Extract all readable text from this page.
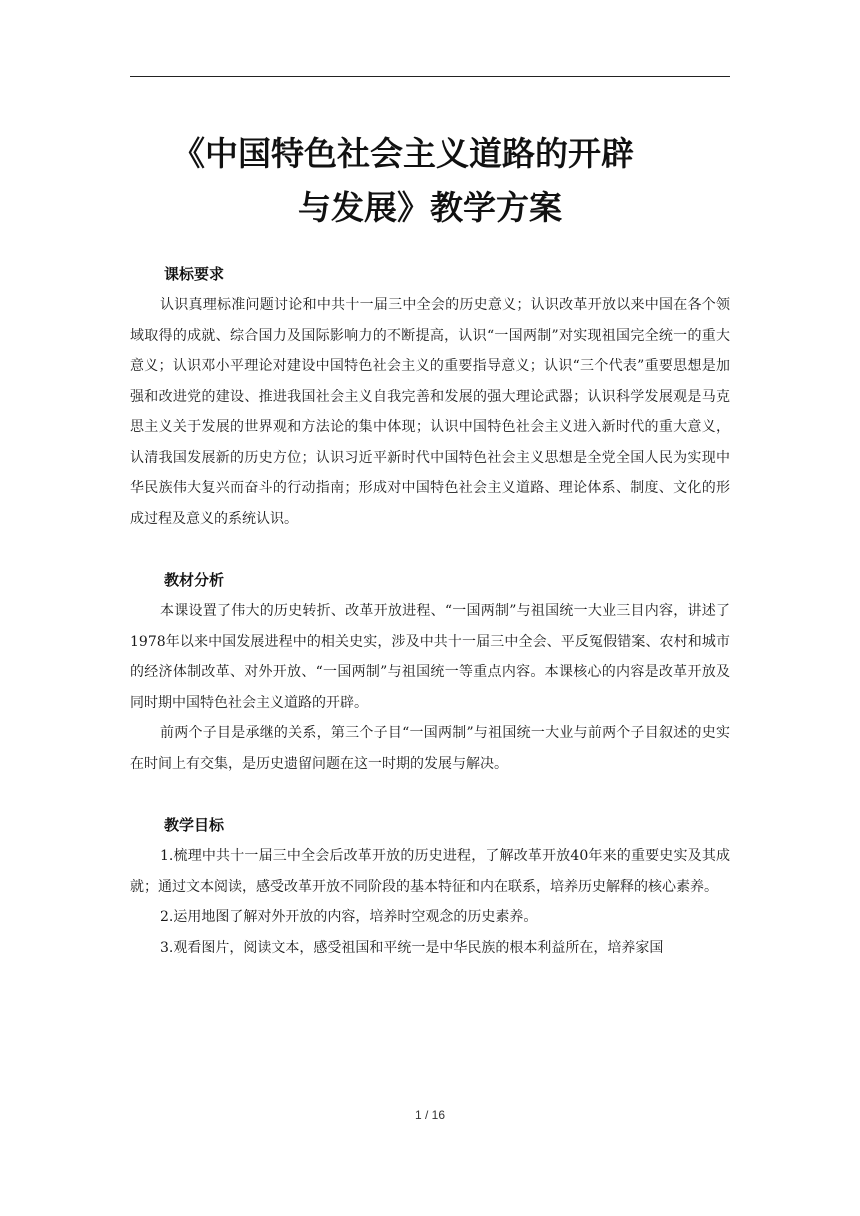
《中国特色社会主义道路的开辟
与发展》教学方案
课标要求

认识真理标准问题讨论和中共十一届三中全会的历史意义；认识改革开放以来中国在各个领域取得的成就、综合国力及国际影响力的不断提高，认识“一国两制”对实现祖国完全统一的重大意义；认识邓小平理论对建设中国特色社会主义的重要指导意义；认识“三个代表”重要思想是加强和改进党的建设、推进我国社会主义自我完善和发展的强大理论武器；认识科学发展观是马克思主义关于发展的世界观和方法论的集中体现；认识中国特色社会主义进入新时代的重大意义，认清我国发展新的历史方位；认识习近平新时代中国特色社会主义思想是全党全国人民为实现中华民族伟大复兴而奋斗的行动指南；形成对中国特色社会主义道路、理论体系、制度、文化的形成过程及意义的系统认识。

教材分析

本课设置了伟大的历史转折、改革开放进程、“一国两制”与祖国统一大业三目内容，讲述了1978年以来中国发展进程中的相关史实，涉及中共十一届三中全会、平反冤假错案、农村和城市的经济体制改革、对外开放、“一国两制”与祖国统一等重点内容。本课核心的内容是改革开放及同时期中国特色社会主义道路的开辟。

前两个子目是承继的关系，第三个子目“一国两制”与祖国统一大业与前两个子目叙述的史实在时间上有交集，是历史遗留问题在这一时期的发展与解决。

教学目标

1.梳理中共十一届三中全会后改革开放的历史进程，了解改革开放40年来的重要史实及其成就；通过文本阅读，感受改革开放不同阶段的基本特征和内在联系，培养历史解释的核心素养。

2.运用地图了解对外开放的内容，培养时空观念的历史素养。

3.观看图片，阅读文本，感受祖国和平统一是中华民族的根本利益所在，培养家国

1 / 16
